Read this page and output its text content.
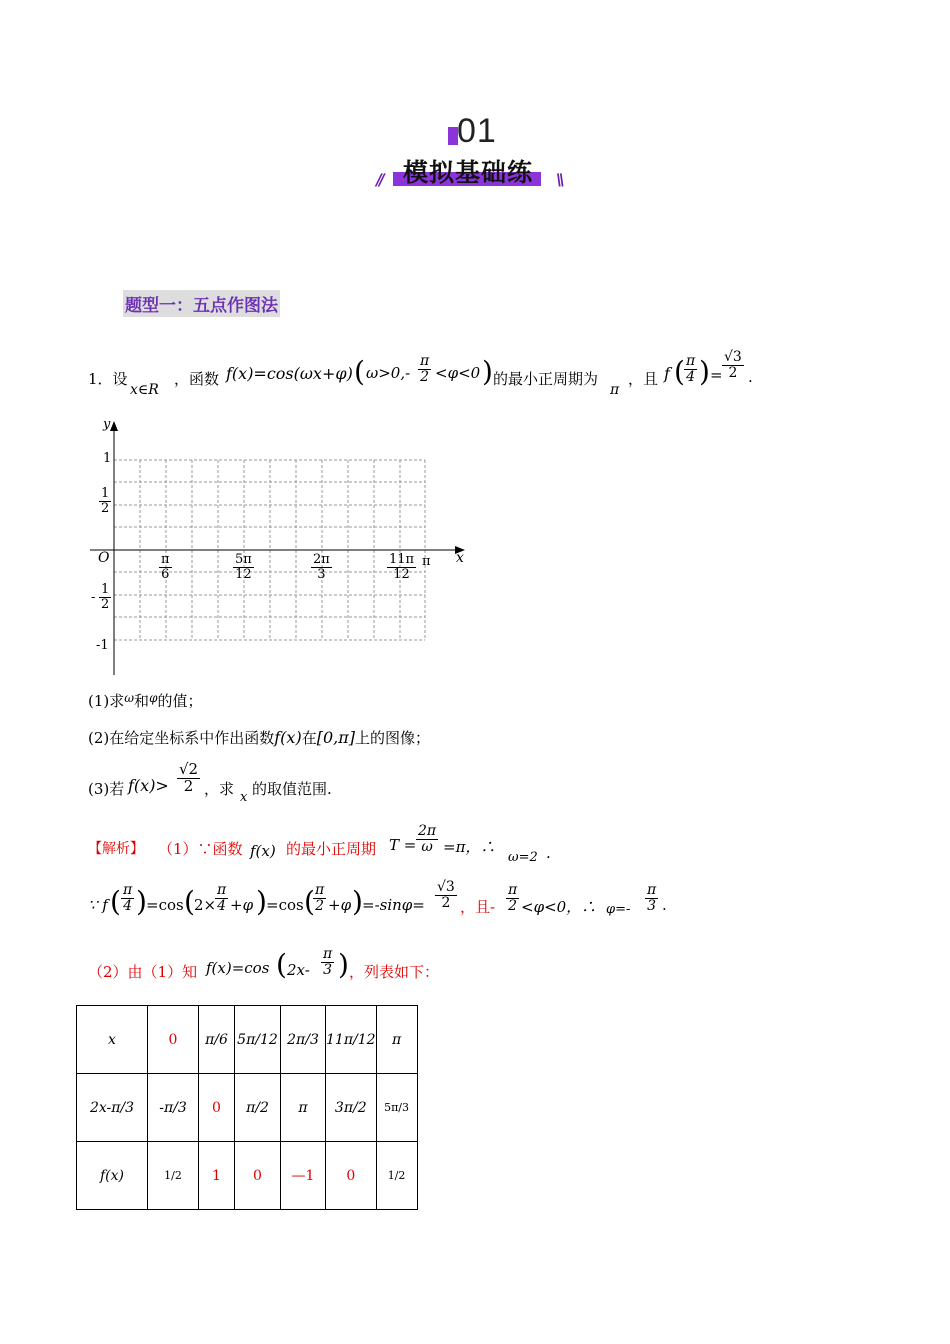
01
模拟基础练
//	\\
题型一：五点作图法
1．设
x∈R
，函数 f(x)=cos(ωx+φ) ( $\omega>0,- \frac{\pi}{2} <\varphi<0$ ) 的最小正周期为
π
，且 f ( $\frac{\pi}{4}$ ) = $\frac{√3}{2}$ .
y
x
O
1
$\frac{1}{2}$
- $\frac{1}{2}$
-1
$\frac{\pi}{6}$	$\frac{5\pi}{12}$	$\frac{2\pi}{3}$	$\frac{11\pi}{12}$ π
(1)求$^\omega$和$^\varphi$的值；
(2)在给定坐标系中作出函数f(x)在[0,π]上的图像；
(3)若 $f(x)> \frac{√2}{2}$ ，求 x 的取值范围.
【解析】 （1）∵函数 f(x) 的最小正周期 $T = \frac{2\pi}{\omega} =\pi$，∴
ω=2 .
∵ f ( $\frac{\pi}{4}$ ) =cos ( 2×
$\frac{\pi}{4} +\varphi$ ) =cos (
$\frac{\pi}{2} +\varphi$ ) $=-\sin\varphi= \frac{√3}{2}$ ，且- $\frac{\pi}{2} <\varphi<0$，∴ $\varphi=- \frac{\pi}{3}$ .
（2）由（1）知 f(x)=cos ( $2x- \frac{\pi}{3}$ ) ，列表如下：
x	0	π/6	5π/12	2π/3	11π/12	π
2x-π/3	-π/3	0	π/2	π	3π/2	5π/3
f(x)	1/2	1	0	—1	0	1/2
